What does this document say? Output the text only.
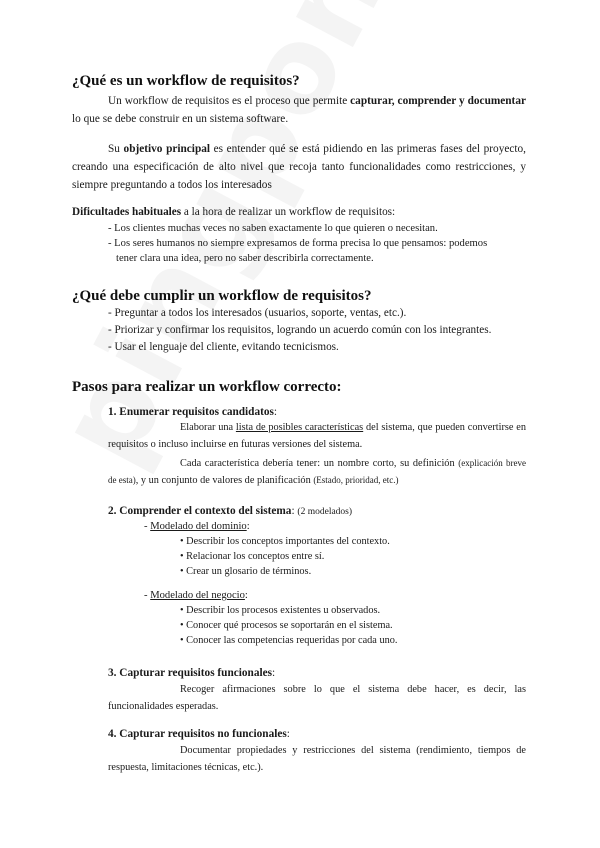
¿Qué es un workflow de requisitos?

Un workflow de requisitos es el proceso que permite capturar, comprender y documentar lo que se debe construir en un sistema software.

Su objetivo principal es entender qué se está pidiendo en las primeras fases del proyecto, creando una especificación de alto nivel que recoja tanto funcionalidades como restricciones, y siempre preguntando a todos los interesados

Dificultades habituales a la hora de realizar un workflow de requisitos:
- Los clientes muchas veces no saben exactamente lo que quieren o necesitan.
- Los seres humanos no siempre expresamos de forma precisa lo que pensamos: podemos
tener clara una idea, pero no saber describirla correctamente.
¿Qué debe cumplir un workflow de requisitos?
- Preguntar a todos los interesados (usuarios, soporte, ventas, etc.).
- Priorizar y confirmar los requisitos, logrando un acuerdo común con los integrantes.
- Usar el lenguaje del cliente, evitando tecnicismos.
Pasos para realizar un workflow correcto:
1. Enumerar requisitos candidatos:

Elaborar una lista de posibles características del sistema, que pueden convertirse en requisitos o incluso incluirse en futuras versiones del sistema.

Cada característica debería tener: un nombre corto, su definición (explicación breve de esta), y un conjunto de valores de planificación (Estado, prioridad, etc.)

2. Comprender el contexto del sistema: (2 modelados)
- Modelado del dominio:
• Describir los conceptos importantes del contexto.
• Relacionar los conceptos entre sí.
• Crear un glosario de términos.
- Modelado del negocio:
• Describir los procesos existentes u observados.
• Conocer qué procesos se soportarán en el sistema.
• Conocer las competencias requeridas por cada uno.
3. Capturar requisitos funcionales:

Recoger afirmaciones sobre lo que el sistema debe hacer, es decir, las funcionalidades esperadas.

4. Capturar requisitos no funcionales:

Documentar propiedades y restricciones del sistema (rendimiento, tiempos de respuesta, limitaciones técnicas, etc.).
